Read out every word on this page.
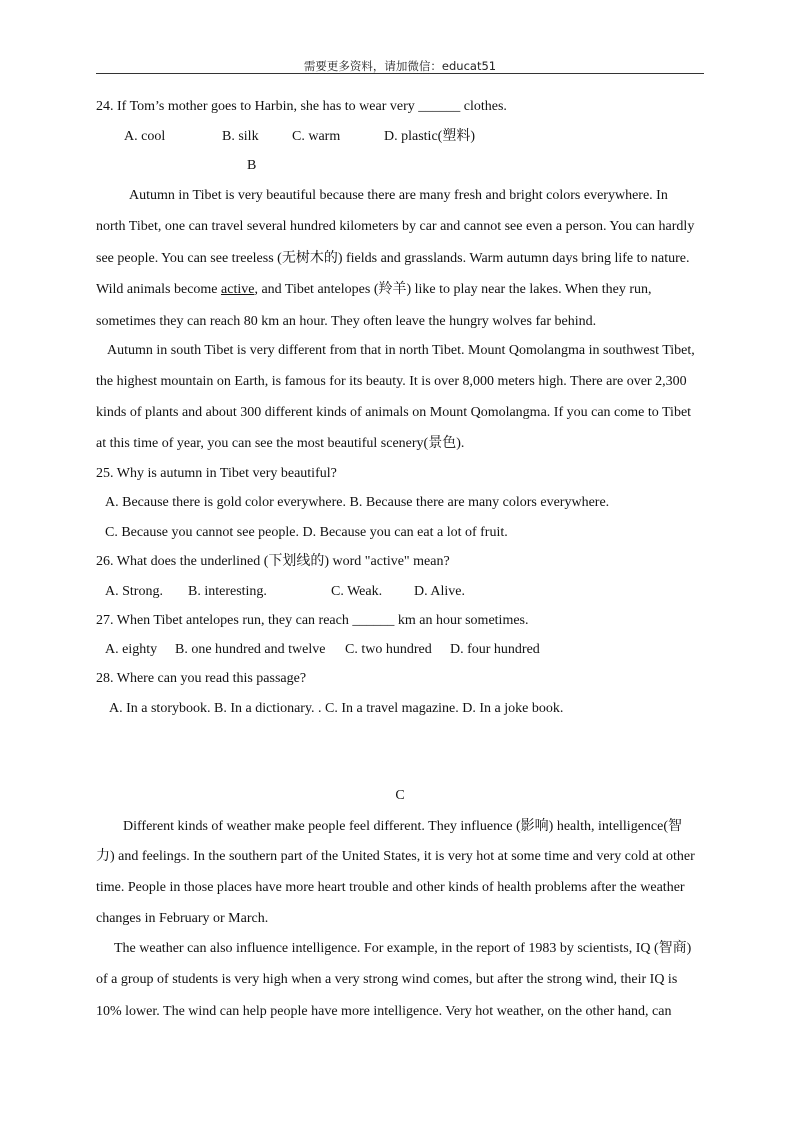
需要更多资料，请加微信：educat51
24. If Tom’s mother goes to Harbin, she has to wear very ______ clothes.
A. cool	B. silk C. warm	D. plastic(塑料)
B
Autumn in Tibet is very beautiful because there are many fresh and bright colors everywhere. In
north Tibet, one can travel several hundred kilometers by car and cannot see even a person. You can hardly
see people. You can see treeless (无树木的) fields and grasslands. Warm autumn days bring life to nature.
Wild animals become active, and Tibet antelopes (羚羊) like to play near the lakes. When they run,
sometimes they can reach 80 km an hour. They often leave the hungry wolves far behind.
Autumn in south Tibet is very different from that in north Tibet. Mount Qomolangma in southwest Tibet,
the highest mountain on Earth, is famous for its beauty. It is over 8,000 meters high. There are over 2,300
kinds of plants and about 300 different kinds of animals on Mount Qomolangma. If you can come to Tibet
at this time of year, you can see the most beautiful scenery(景色).
25. Why is autumn in Tibet very beautiful?
A. Because there is gold color everywhere. B. Because there are many colors everywhere.
C. Because you cannot see people. D. Because you can eat a lot of fruit.
26. What does the underlined (下划线的) word "active" mean?
A. Strong. B. interesting.	C. Weak. D. Alive.
27. When Tibet antelopes run, they can reach ______ km an hour sometimes.
A. eighty B. one hundred and twelve C. two hundred D. four hundred
28. Where can you read this passage?
A. In a storybook. B. In a dictionary. . C. In a travel magazine. D. In a joke book.
C
Different kinds of weather make people feel different. They influence (影响) health, intelligence(智
力) and feelings. In the southern part of the United States, it is very hot at some time and very cold at other
time. People in those places have more heart trouble and other kinds of health problems after the weather
changes in February or March.
The weather can also influence intelligence. For example, in the report of 1983 by scientists, IQ (智商)
of a group of students is very high when a very strong wind comes, but after the strong wind, their IQ is
10% lower. The wind can help people have more intelligence. Very hot weather, on the other hand, can
